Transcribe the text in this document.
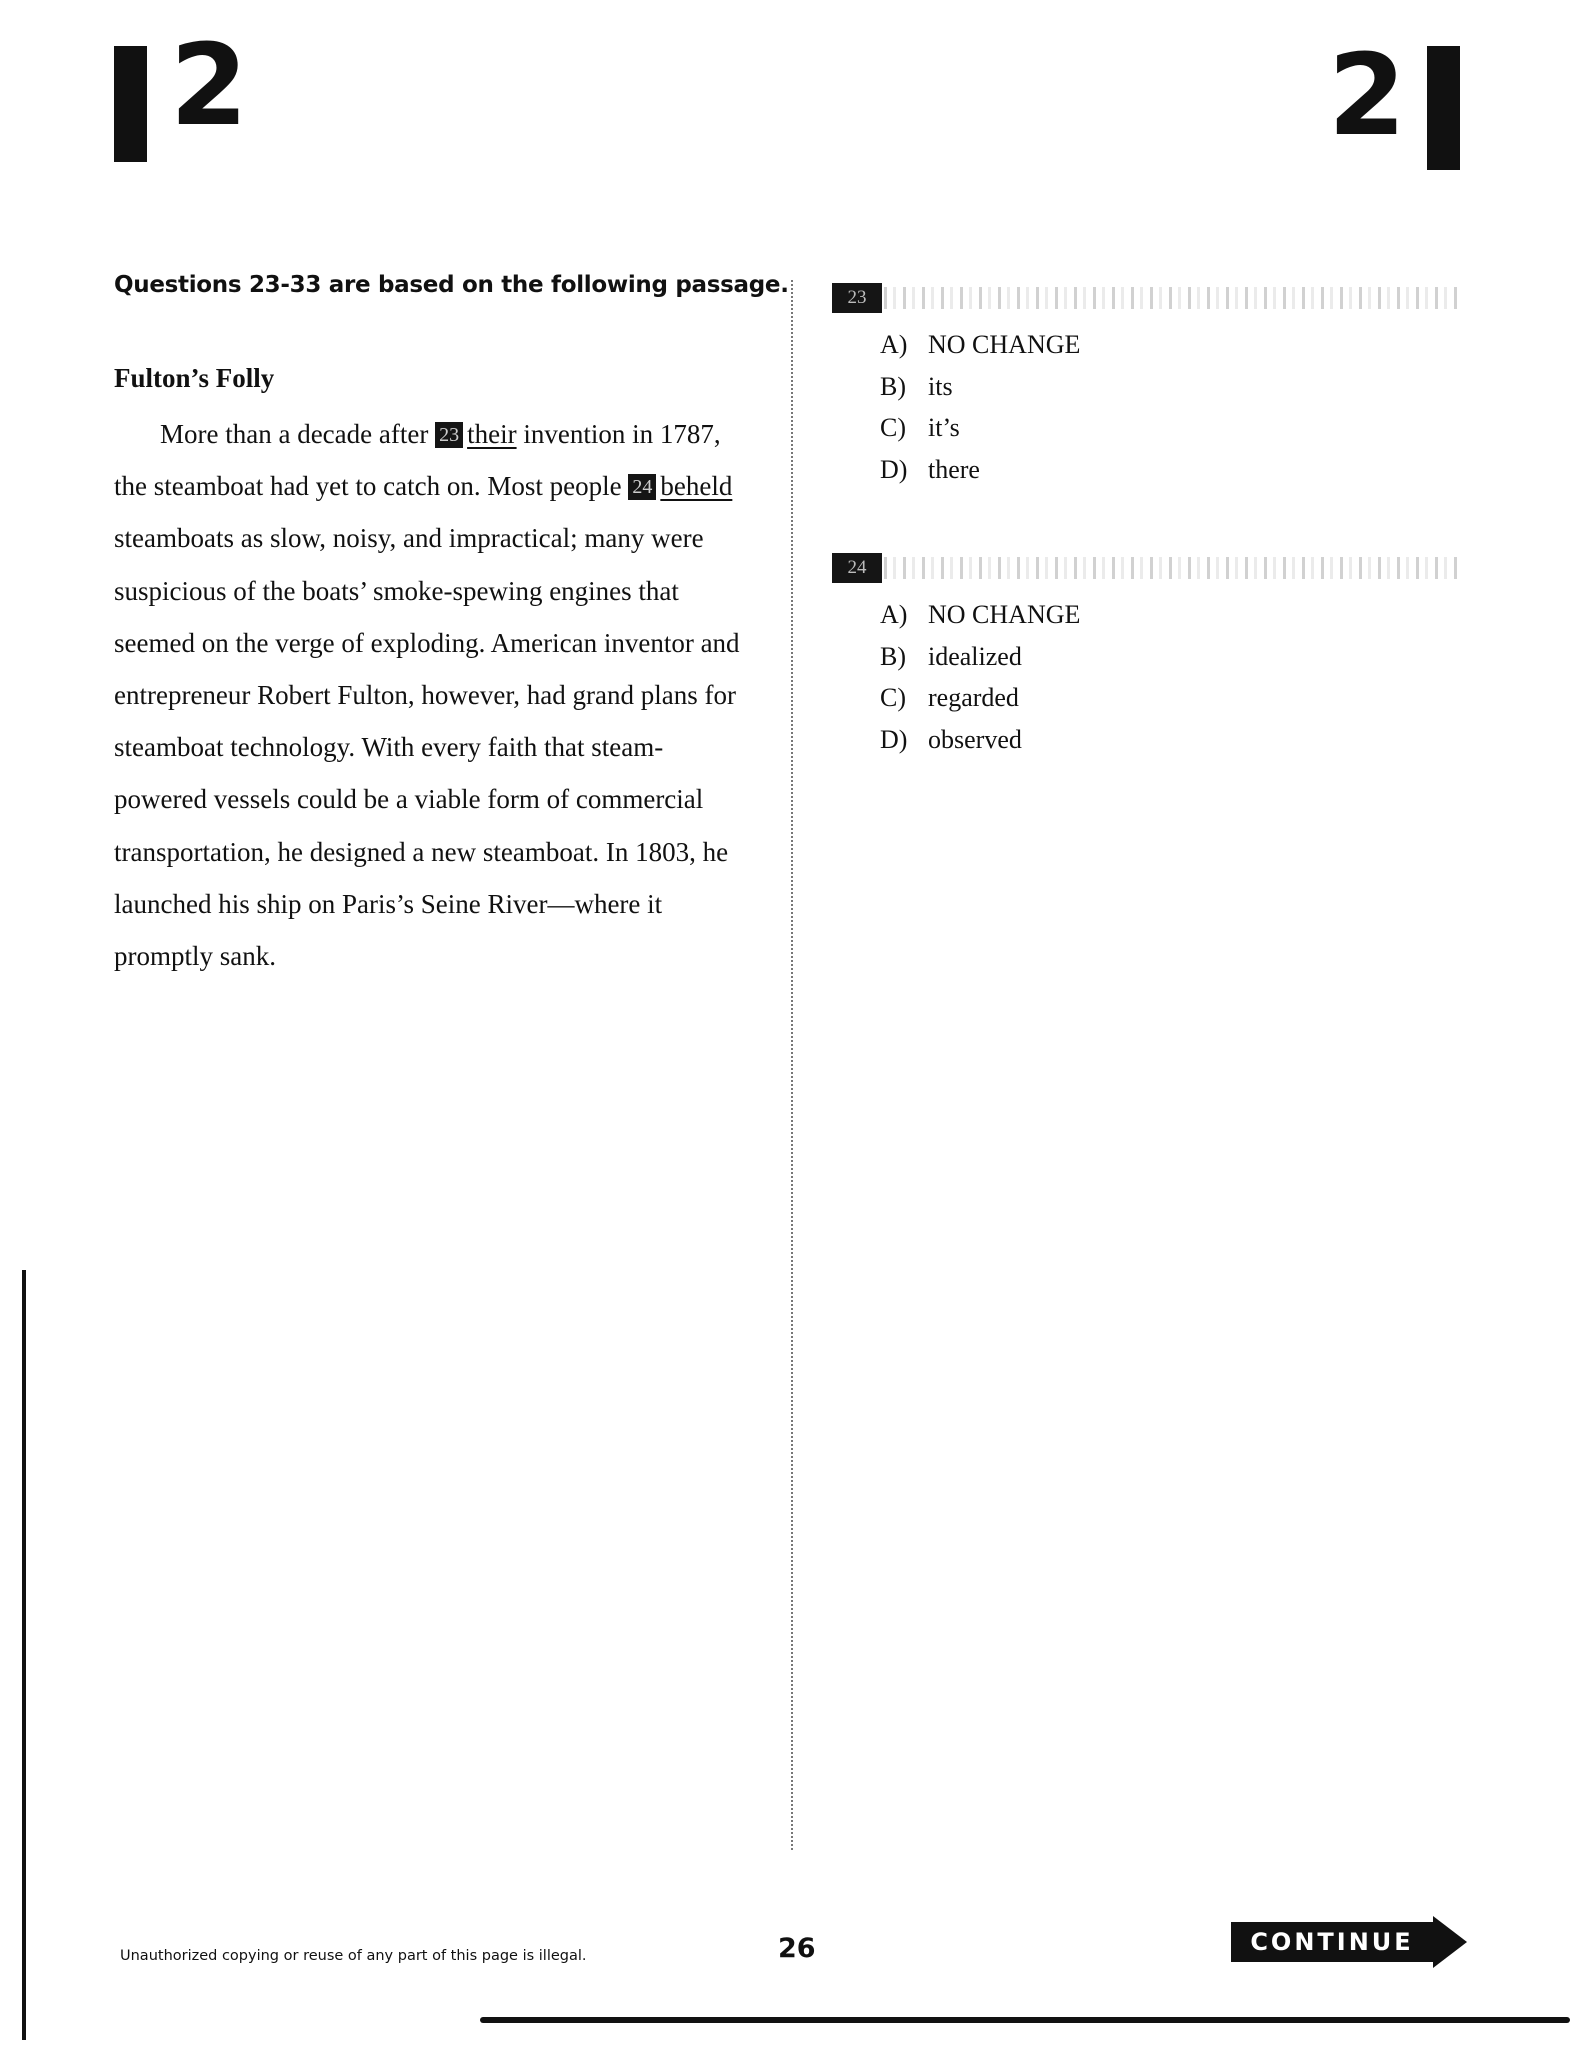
2	2
Questions 23-33 are based on the following passage.
Fulton’s Folly

More than a decade after 23 their invention in 1787, the steamboat had yet to catch on. Most people 24 beheld steamboats as slow, noisy, and impractical; many were suspicious of the boats’ smoke-spewing engines that seemed on the verge of exploding. American inventor and entrepreneur Robert Fulton, however, had grand plans for steamboat technology. With every faith that steam-powered vessels could be a viable form of commercial transportation, he designed a new steamboat. In 1803, he launched his ship on Paris’s Seine River—where it promptly sank.

23
A) NO CHANGE
B) its
C) it’s
D) there
24
A) NO CHANGE
B) idealized
C) regarded
D) observed
Unauthorized copying or reuse of any part of this page is illegal.	26	CONTINUE
